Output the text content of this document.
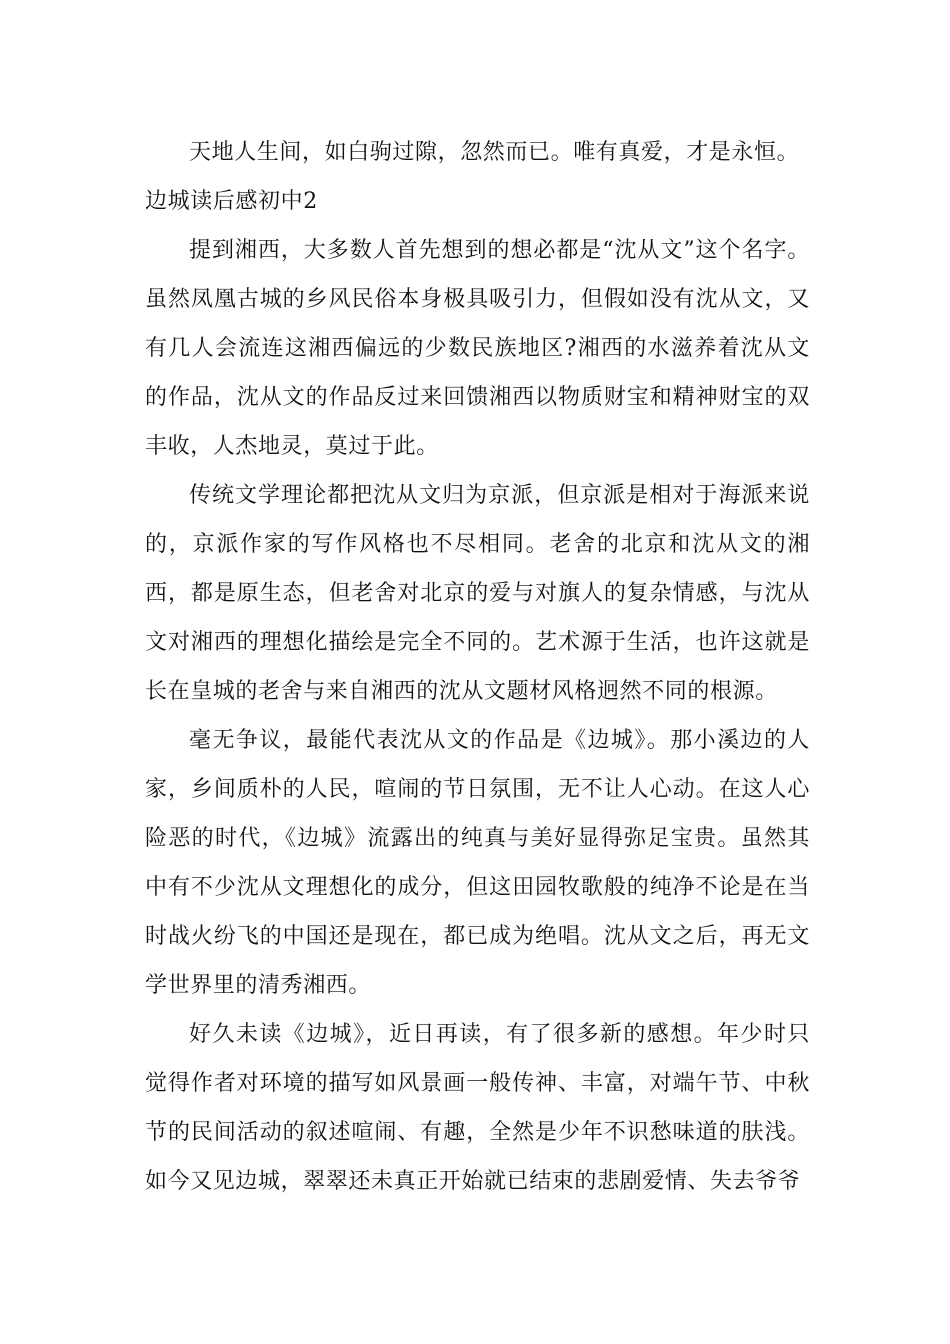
天地人生间，如白驹过隙，忽然而已。唯有真爱，才是永恒。

边城读后感初中2

提到湘西，大多数人首先想到的想必都是“沈从文”这个名字。虽然凤凰古城的乡风民俗本身极具吸引力，但假如没有沈从文，又有几人会流连这湘西偏远的少数民族地区?湘西的水滋养着沈从文的作品，沈从文的作品反过来回馈湘西以物质财宝和精神财宝的双丰收，人杰地灵，莫过于此。

传统文学理论都把沈从文归为京派，但京派是相对于海派来说的，京派作家的写作风格也不尽相同。老舍的北京和沈从文的湘西，都是原生态，但老舍对北京的爱与对旗人的复杂情感，与沈从文对湘西的理想化描绘是完全不同的。艺术源于生活，也许这就是长在皇城的老舍与来自湘西的沈从文题材风格迥然不同的根源。

毫无争议，最能代表沈从文的作品是《边城》。那小溪边的人家，乡间质朴的人民，喧闹的节日氛围，无不让人心动。在这人心险恶的时代，《边城》流露出的纯真与美好显得弥足宝贵。虽然其中有不少沈从文理想化的成分，但这田园牧歌般的纯净不论是在当时战火纷飞的中国还是现在，都已成为绝唱。沈从文之后，再无文学世界里的清秀湘西。

好久未读《边城》，近日再读，有了很多新的感想。年少时只觉得作者对环境的描写如风景画一般传神、丰富，对端午节、中秋节的民间活动的叙述喧闹、有趣，全然是少年不识愁味道的肤浅。如今又见边城，翠翠还未真正开始就已结束的悲剧爱情、失去爷爷
